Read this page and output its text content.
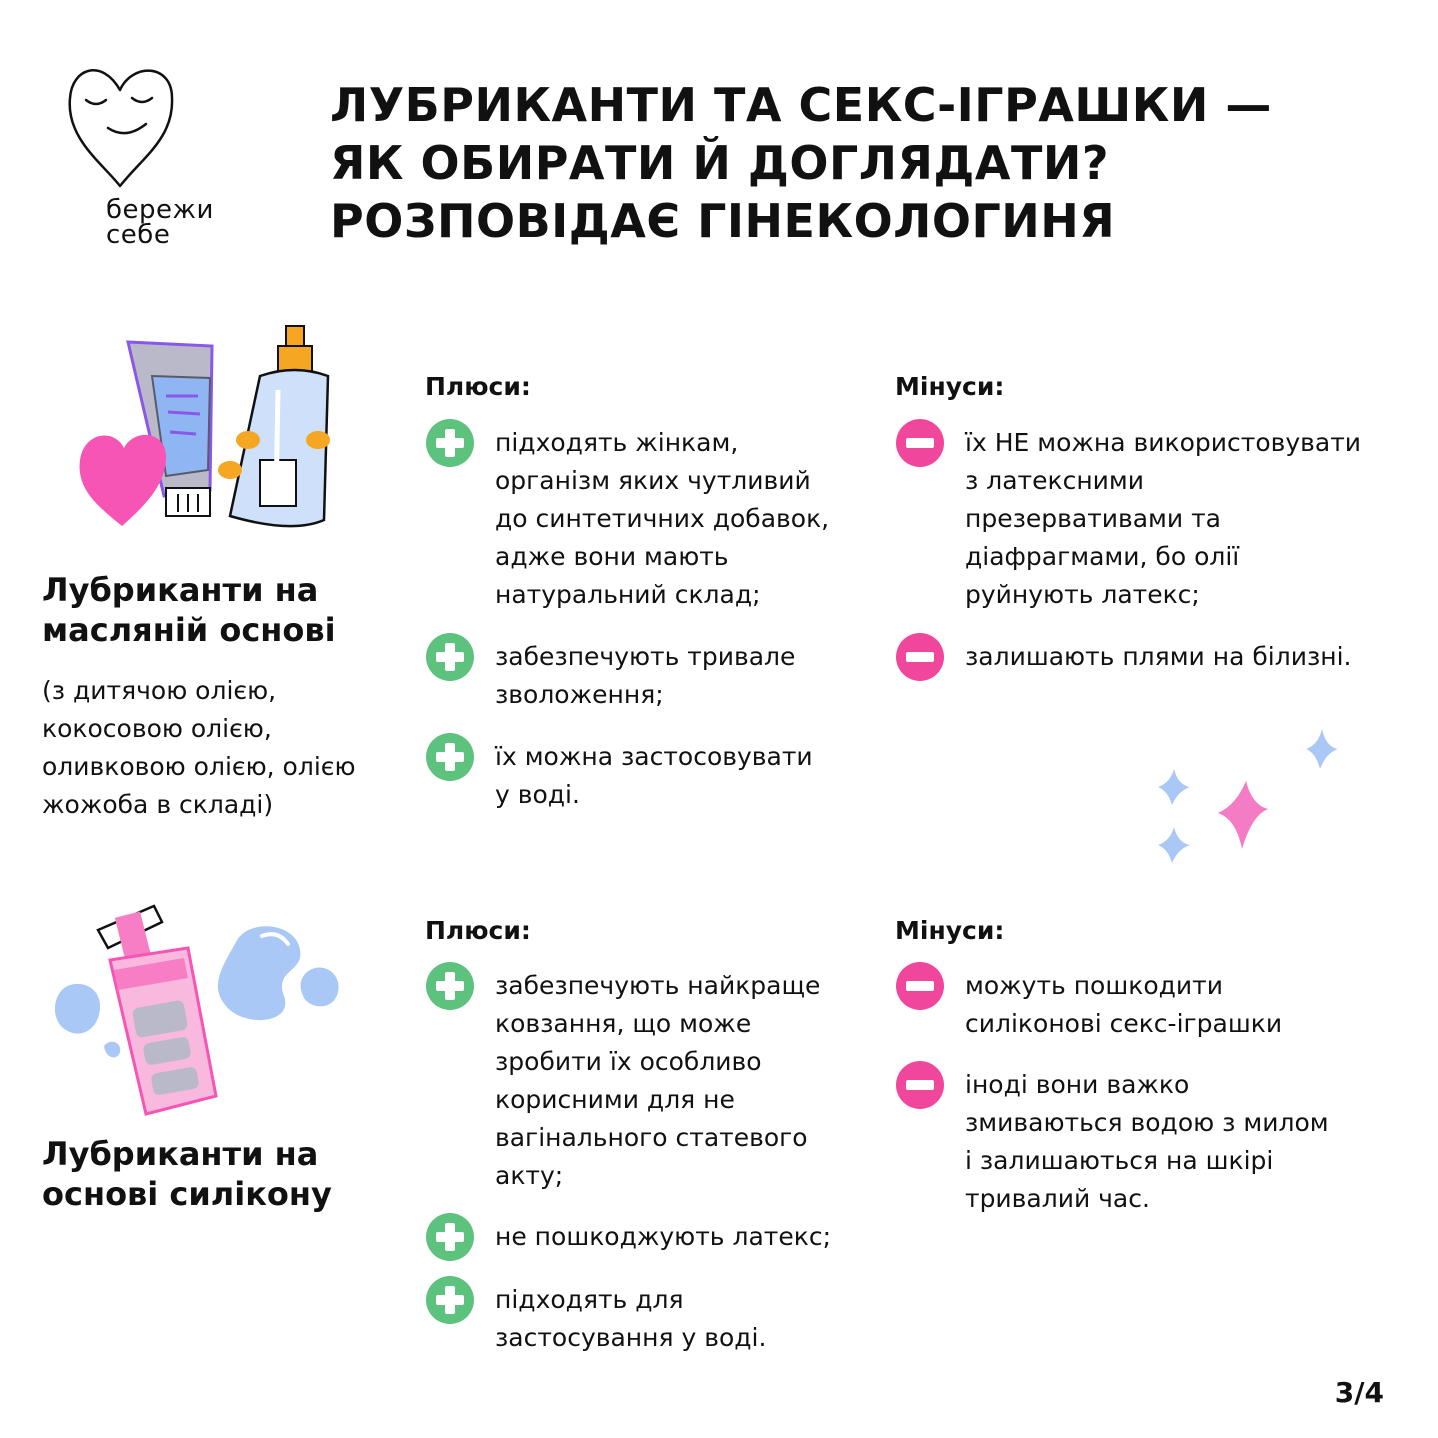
бережи
себе
ЛУБРИКАНТИ ТА СЕКС-ІГРАШКИ —
ЯК ОБИРАТИ Й ДОГЛЯДАТИ?
РОЗПОВІДАЄ ГІНЕКОЛОГИНЯ
Лубриканти на
масляній основі
(з дитячою олією,
кокосовою олією,
оливковою олією, олією
жожоба в складі)
Плюси:	Мінуси:
підходять жінкам,
організм яких чутливий
до синтетичних добавок,
адже вони мають
натуральний склад;
забезпечують тривале
зволоження;
їх можна застосовувати
у воді.
їх НЕ можна використовувати
з латексними
презервативами та
діафрагмами, бо олії
руйнують латекс;
залишають плями на білизні.
Лубриканти на
основі силікону
Плюси:	Мінуси:
забезпечують найкраще
ковзання, що може
зробити їх особливо
корисними для не
вагінального статевого
акту;
не пошкоджують латекс;
підходять для
застосування у воді.
можуть пошкодити
силіконові секс-іграшки
іноді вони важко
змиваються водою з милом
і залишаються на шкірі
тривалий час.
3/4
